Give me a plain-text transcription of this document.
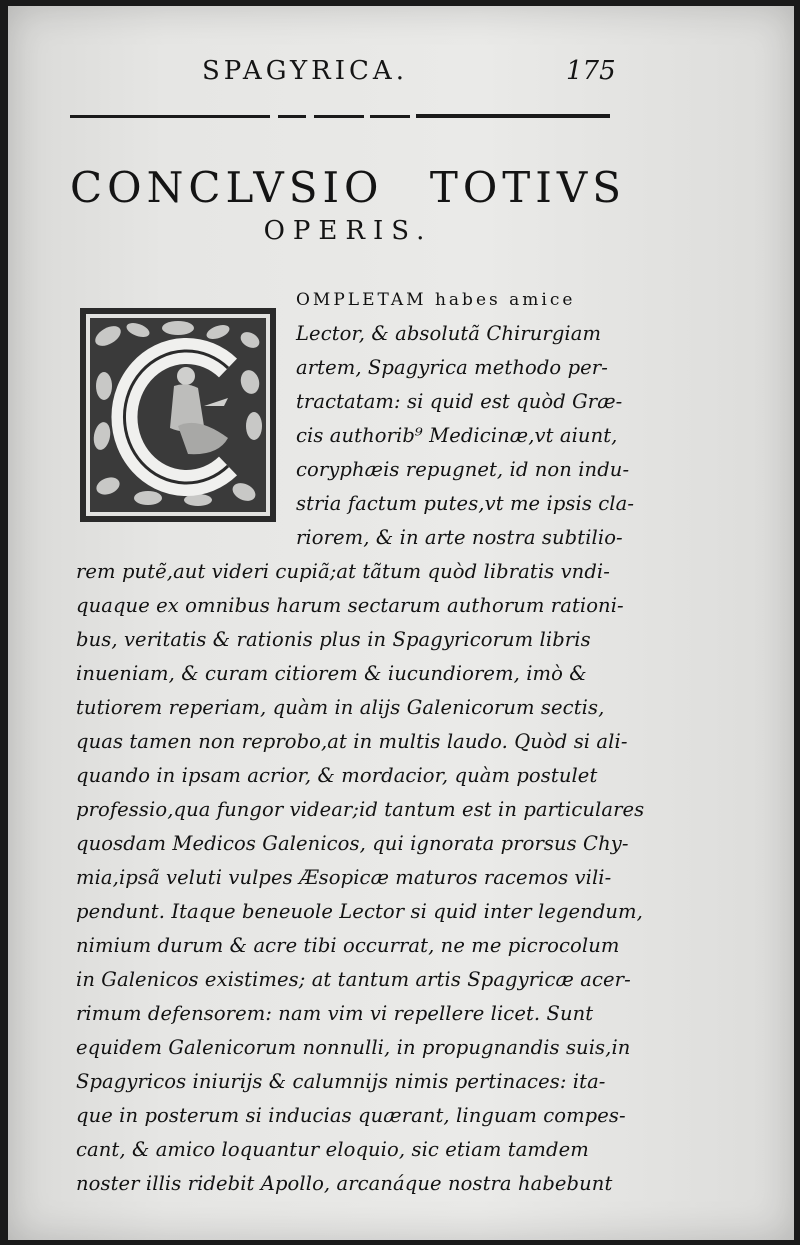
SPAGYRICA.	175
CONCLVSIO TOTIVS
OPERIS.
OMPLETAM habes amice
Lector, & absolutã Chirurgiam
artem, Spagyrica methodo per-
tractatam: si quid est quòd Græ-
cis authorib⁹ Medicinæ,vt aiunt,
coryphæis repugnet, id non indu-
stria factum putes,vt me ipsis cla-
riorem, & in arte nostra subtilio-
rem putẽ,aut videri cupiã;at tãtum quòd libratis vndi-
quaque ex omnibus harum sectarum authorum rationi-
bus, veritatis & rationis plus in Spagyricorum libris
inueniam, & curam citiorem & iucundiorem, imò &
tutiorem reperiam, quàm in alijs Galenicorum sectis,
quas tamen non reprobo,at in multis laudo. Quòd si ali-
quando in ipsam acrior, & mordacior, quàm postulet
professio,qua fungor videar;id tantum est in particulares
quosdam Medicos Galenicos, qui ignorata prorsus Chy-
mia,ipsã veluti vulpes Æsopicæ maturos racemos vili-
pendunt. Itaque beneuole Lector si quid inter legendum,
nimium durum & acre tibi occurrat, ne me picrocolum
in Galenicos existimes; at tantum artis Spagyricæ acer-
rimum defensorem: nam vim vi repellere licet. Sunt
equidem Galenicorum nonnulli, in propugnandis suis,in
Spagyricos iniurijs & calumnijs nimis pertinaces: ita-
que in posterum si inducias quærant, linguam compes-
cant, & amico loquantur eloquio, sic etiam tamdem
noster illis ridebit Apollo, arcanáque nostra habebunt
